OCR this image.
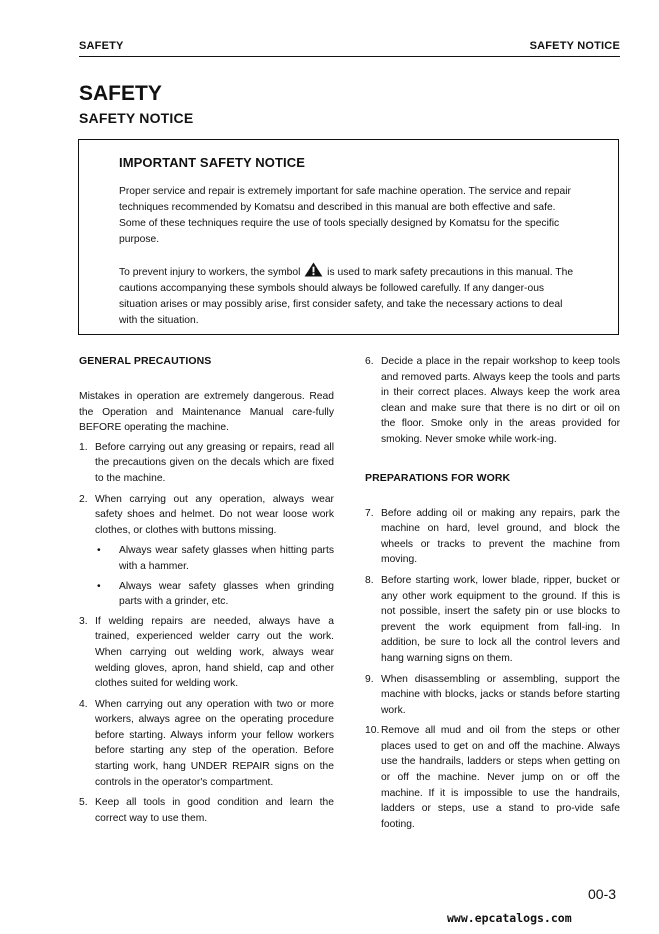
SAFETY	SAFETY NOTICE
SAFETY
SAFETY NOTICE
IMPORTANT SAFETY NOTICE

Proper service and repair is extremely important for safe machine operation. The service and repair techniques recommended by Komatsu and described in this manual are both effective and safe. Some of these techniques require the use of tools specially designed by Komatsu for the specific purpose.

To prevent injury to workers, the symbol	is used to mark safety precautions in this manual. The cautions accompanying these symbols should always be followed carefully. If any danger-ous situation arises or may possibly arise, first consider safety, and take the necessary actions to deal with the situation.

GENERAL PRECAUTIONS

Mistakes in operation are extremely dangerous. Read the Operation and Maintenance Manual care-fully BEFORE operating the machine.

1. Before carrying out any greasing or repairs, read all the precautions given on the decals which are fixed to the machine.
2. When carrying out any operation, always wear safety shoes and helmet. Do not wear loose work clothes, or clothes with buttons missing.
•	Always wear safety glasses when hitting parts with a hammer.
•	Always wear safety glasses when grinding parts with a grinder, etc.
3. If welding repairs are needed, always have a trained, experienced welder carry out the work. When carrying out welding work, always wear welding gloves, apron, hand shield, cap and other clothes suited for welding work.
4. When carrying out any operation with two or more workers, always agree on the operating procedure before starting. Always inform your fellow workers before starting any step of the operation. Before starting work, hang UNDER REPAIR signs on the controls in the operator's compartment.
5. Keep all tools in good condition and learn the correct way to use them.
6. Decide a place in the repair workshop to keep tools and removed parts. Always keep the tools and parts in their correct places. Always keep the work area clean and make sure that there is no dirt or oil on the floor. Smoke only in the areas provided for smoking. Never smoke while work-ing.
PREPARATIONS FOR WORK
7. Before adding oil or making any repairs, park the machine on hard, level ground, and block the wheels or tracks to prevent the machine from moving.
8. Before starting work, lower blade, ripper, bucket or any other work equipment to the ground. If this is not possible, insert the safety pin or use blocks to prevent the work equipment from fall-ing. In addition, be sure to lock all the control levers and hang warning signs on them.
9. When disassembling or assembling, support the machine with blocks, jacks or stands before starting work.
10. Remove all mud and oil from the steps or other places used to get on and off the machine. Always use the handrails, ladders or steps when getting on or off the machine. Never jump on or off the machine. If it is impossible to use the handrails, ladders or steps, use a stand to pro-vide safe footing.
00-3
www.epcatalogs.com
